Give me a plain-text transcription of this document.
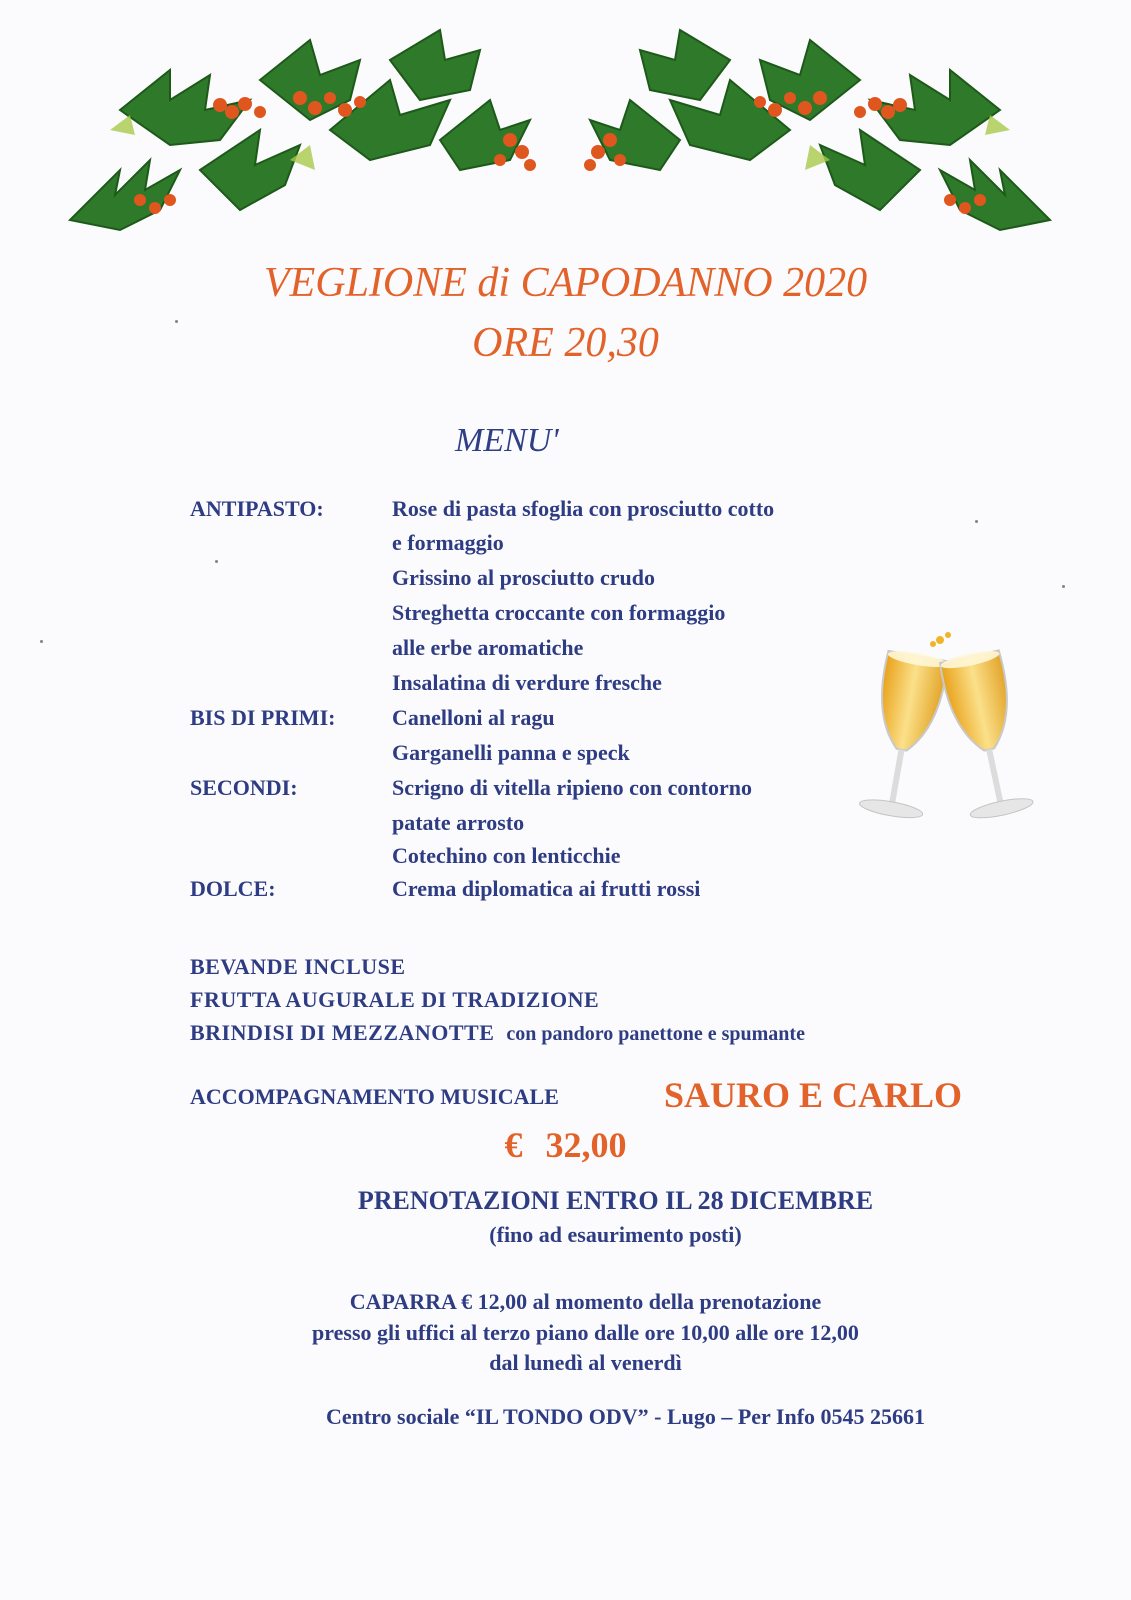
VEGLIONE di CAPODANNO 2020
ORE 20,30
MENU'
ANTIPASTO:	Rose di pasta sfoglia con prosciutto cotto
e formaggio
Grissino al prosciutto crudo
Streghetta croccante con formaggio
alle erbe aromatiche
Insalatina di verdure fresche
BIS DI PRIMI:	Canelloni al ragu
Garganelli panna e speck
SECONDI:	Scrigno di vitella ripieno con contorno
patate arrosto
Cotechino con lenticchie
DOLCE:	Crema diplomatica ai frutti rossi
BEVANDE INCLUSE
FRUTTA AUGURALE DI TRADIZIONE
BRINDISI DI MEZZANOTTE con pandoro panettone e spumante
ACCOMPAGNAMENTO MUSICALE	SAURO E CARLO
€ 32,00
PRENOTAZIONI ENTRO IL 28 DICEMBRE
(fino ad esaurimento posti)
CAPARRA € 12,00 al momento della prenotazione
presso gli uffici al terzo piano dalle ore 10,00 alle ore 12,00
dal lunedì al venerdì
Centro sociale “IL TONDO ODV” - Lugo – Per Info 0545 25661
